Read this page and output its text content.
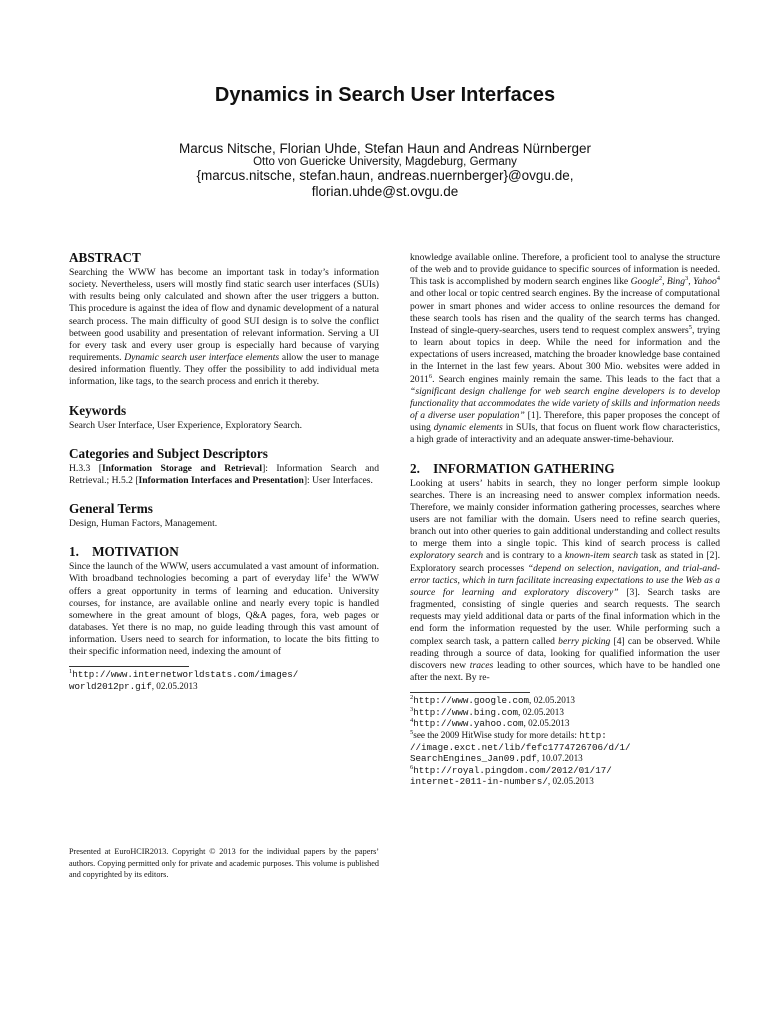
Dynamics in Search User Interfaces
Marcus Nitsche, Florian Uhde, Stefan Haun and Andreas Nürnberger
Otto von Guericke University, Magdeburg, Germany
{marcus.nitsche, stefan.haun, andreas.nuernberger}@ovgu.de,
florian.uhde@st.ovgu.de
ABSTRACT

Searching the WWW has become an important task in today’s information society. Nevertheless, users will mostly find static search user interfaces (SUIs) with results being only calculated and shown after the user triggers a button. This procedure is against the idea of flow and dynamic development of a natural search process. The main difficulty of good SUI design is to solve the conflict between good usability and presentation of relevant information. Serving a UI for every task and every user group is especially hard because of varying requirements. Dynamic search user interface elements allow the user to manage desired information fluently. They offer the possibility to add individual meta information, like tags, to the search process and enrich it thereby.

Keywords

Search User Interface, User Experience, Exploratory Search.

Categories and Subject Descriptors

H.3.3 [Information Storage and Retrieval]: Information Search and Retrieval.; H.5.2 [Information Interfaces and Presentation]: User Interfaces.

General Terms

Design, Human Factors, Management.

1.    MOTIVATION

Since the launch of the WWW, users accumulated a vast amount of information. With broadband technologies becoming a part of everyday life$^1$ the WWW offers a great opportunity in terms of learning and education. University courses, for instance, are available online and nearly every topic is handled somewhere in the great amount of blogs, Q&A pages, fora, web pages or databases. Yet there is no map, no guide leading through this vast amount of information. Users need to search for information, to locate the bits fitting to their specific information need, indexing the amount of

$^1$http://www.internetworldstats.com/images/
world2012pr.gif, 02.05.2013
Presented at EuroHCIR2013. Copyright © 2013 for the individual papers by the papers’ authors. Copying permitted only for private and academic purposes. This volume is published and copyrighted by its editors.

knowledge available online. Therefore, a proficient tool to analyse the structure of the web and to provide guidance to specific sources of information is needed. This task is accomplished by modern search engines like Google$^2$, Bing$^3$, Yahoo$^4$ and other local or topic centred search engines. By the increase of computational power in smart phones and wider access to online resources the demand for these search tools has risen and the quality of the search terms has changed. Instead of single-query-searches, users tend to request complex answers$^5$, trying to learn about topics in deep. While the need for information and the expectations of users increased, matching the broader knowledge base contained in the Internet in the last few years. About 300 Mio. websites were added in 2011$^6$. Search engines mainly remain the same. This leads to the fact that a “significant design challenge for web search engine developers is to develop functionality that accommodates the wide variety of skills and information needs of a diverse user population” [1]. Therefore, this paper proposes the concept of using dynamic elements in SUIs, that focus on fluent work flow characteristics, a high grade of interactivity and an adequate answer-time-behaviour.

2.    INFORMATION GATHERING

Looking at users’ habits in search, they no longer perform simple lookup searches. There is an increasing need to answer complex information needs. Therefore, we mainly consider information gathering processes, searches where users are not familiar with the domain. Users need to refine search queries, branch out into other queries to gain additional understanding and collect results to merge them into a single topic. This kind of search process is called exploratory search and is contrary to a known-item search task as stated in [2]. Exploratory search processes “depend on selection, navigation, and trial-and-error tactics, which in turn facilitate increasing expectations to use the Web as a source for learning and exploratory discovery” [3]. Search tasks are fragmented, consisting of single queries and search requests. The search requests may yield additional data or parts of the final information which in the end form the information requested by the user. While performing such a complex search task, a pattern called berry picking [4] can be observed. While reading through a source of data, looking for qualified information the user discovers new traces leading to other sources, which have to be handled one after the next. By re-

$^2$http://www.google.com, 02.05.2013
$^3$http://www.bing.com, 02.05.2013
$^4$http://www.yahoo.com, 02.05.2013
$^5$see the 2009 HitWise study for more details: http:
//image.exct.net/lib/fefc1774726706/d/1/
SearchEngines_Jan09.pdf, 10.07.2013
$^6$http://royal.pingdom.com/2012/01/17/
internet-2011-in-numbers/, 02.05.2013
